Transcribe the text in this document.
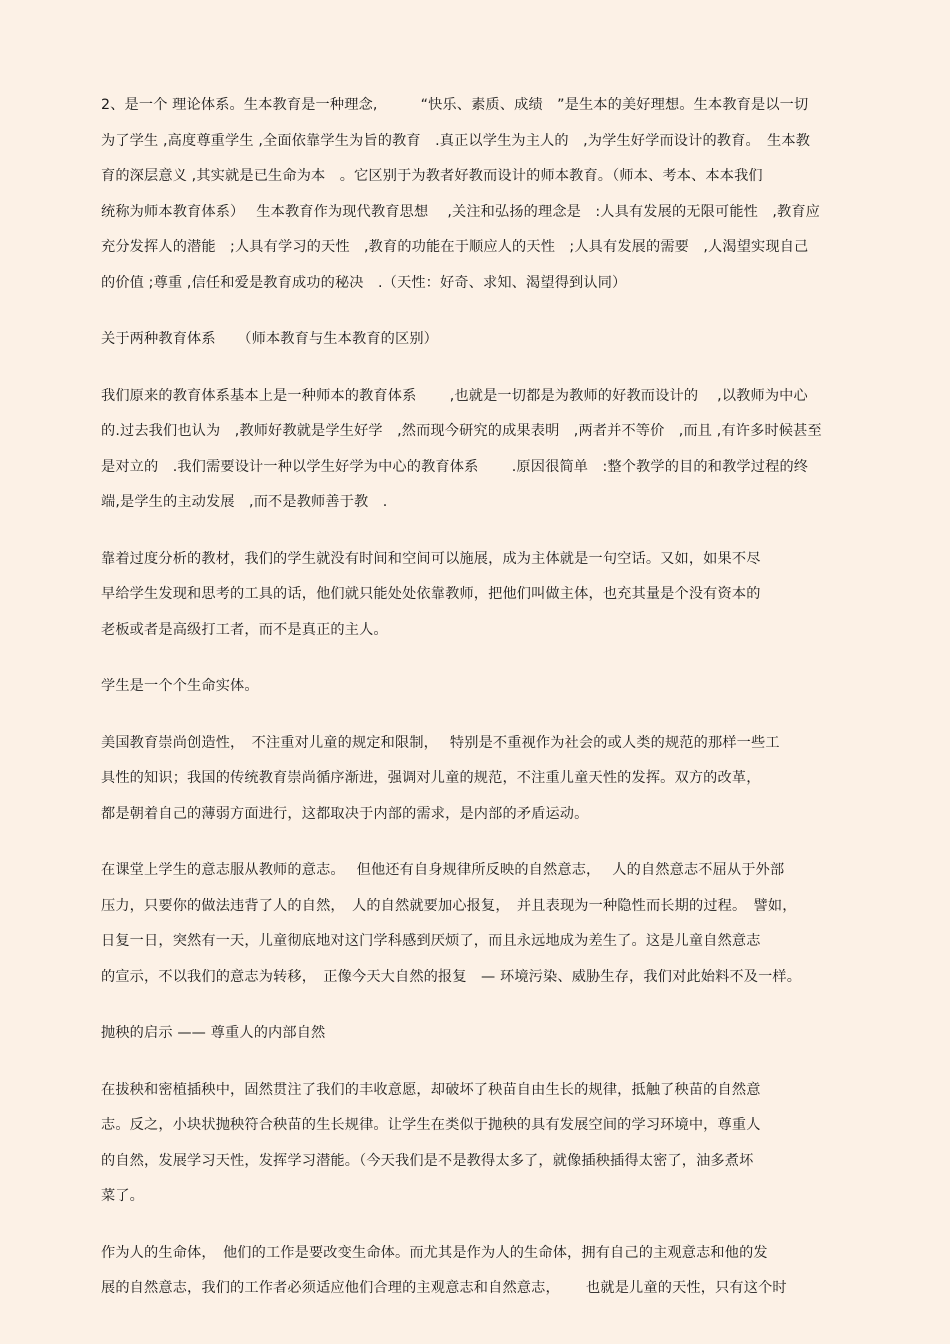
2、是一个 理论体系。生本教育是一种理念,　　　“快乐、素质、成绩　”是生本的美好理想。生本教育是以一切
为了学生 ,高度尊重学生 ,全面依靠学生为旨的教育　.真正以学生为主人的　,为学生好学而设计的教育。　生本教
育的深层意义 ,其实就是已生命为本　。它区别于为教者好教而设计的师本教育。（师本、考本、本本我们
统称为师本教育体系）　 生本教育作为现代教育思想　 ,关注和弘扬的理念是　:人具有发展的无限可能性　,教育应
充分发挥人的潜能　;人具有学习的天性　,教育的功能在于顺应人的天性　;人具有发展的需要　,人渴望实现自己
的价值 ;尊重 ,信任和爱是教育成功的秘决　.（天性：好奇、求知、渴望得到认同）
关于两种教育体系　　（师本教育与生本教育的区别）
我们原来的教育体系基本上是一种师本的教育体系　　 ,也就是一切都是为教师的好教而设计的　 ,以教师为中心
的.过去我们也认为　,教师好教就是学生好学　,然而现今研究的成果表明　,两者并不等价　,而且 ,有许多时候甚至
是对立的　.我们需要设计一种以学生好学为中心的教育体系　　 .原因很简单　:整个教学的目的和教学过程的终
端,是学生的主动发展　,而不是教师善于教　.
靠着过度分析的教材，我们的学生就没有时间和空间可以施展，成为主体就是一句空话。又如，如果不尽
早给学生发现和思考的工具的话，他们就只能处处依靠教师，把他们叫做主体，也充其量是个没有资本的
老板或者是高级打工者，而不是真正的主人。
学生是一个个生命实体。
美国教育崇尚创造性，　不注重对儿童的规定和限制，　 特别是不重视作为社会的或人类的规范的那样一些工
具性的知识；我国的传统教育崇尚循序渐进，强调对儿童的规范，不注重儿童天性的发挥。双方的改革，
都是朝着自己的薄弱方面进行，这都取决于内部的需求，是内部的矛盾运动。
在课堂上学生的意志服从教师的意志。　 但他还有自身规律所反映的自然意志，　 人的自然意志不屈从于外部
压力，只要你的做法违背了人的自然，　人的自然就要加心报复，　并且表现为一种隐性而长期的过程。　譬如，
日复一日，突然有一天，儿童彻底地对这门学科感到厌烦了，而且永远地成为差生了。这是儿童自然意志
的宣示，不以我们的意志为转移，　正像今天大自然的报复　— 环境污染、威胁生存，我们对此始料不及一样。
抛秧的启示 —— 尊重人的内部自然
在拔秧和密植插秧中，固然贯注了我们的丰收意愿，却破坏了秧苗自由生长的规律，抵触了秧苗的自然意
志。反之，小块状抛秧符合秧苗的生长规律。让学生在类似于抛秧的具有发展空间的学习环境中，尊重人
的自然，发展学习天性，发挥学习潜能。（今天我们是不是教得太多了，就像插秧插得太密了，油多煮坏
菜了。
作为人的生命体，　他们的工作是要改变生命体。而尤其是作为人的生命体，拥有自己的主观意志和他的发
展的自然意志，我们的工作者必须适应他们合理的主观意志和自然意志，　　 也就是儿童的天性，只有这个时
